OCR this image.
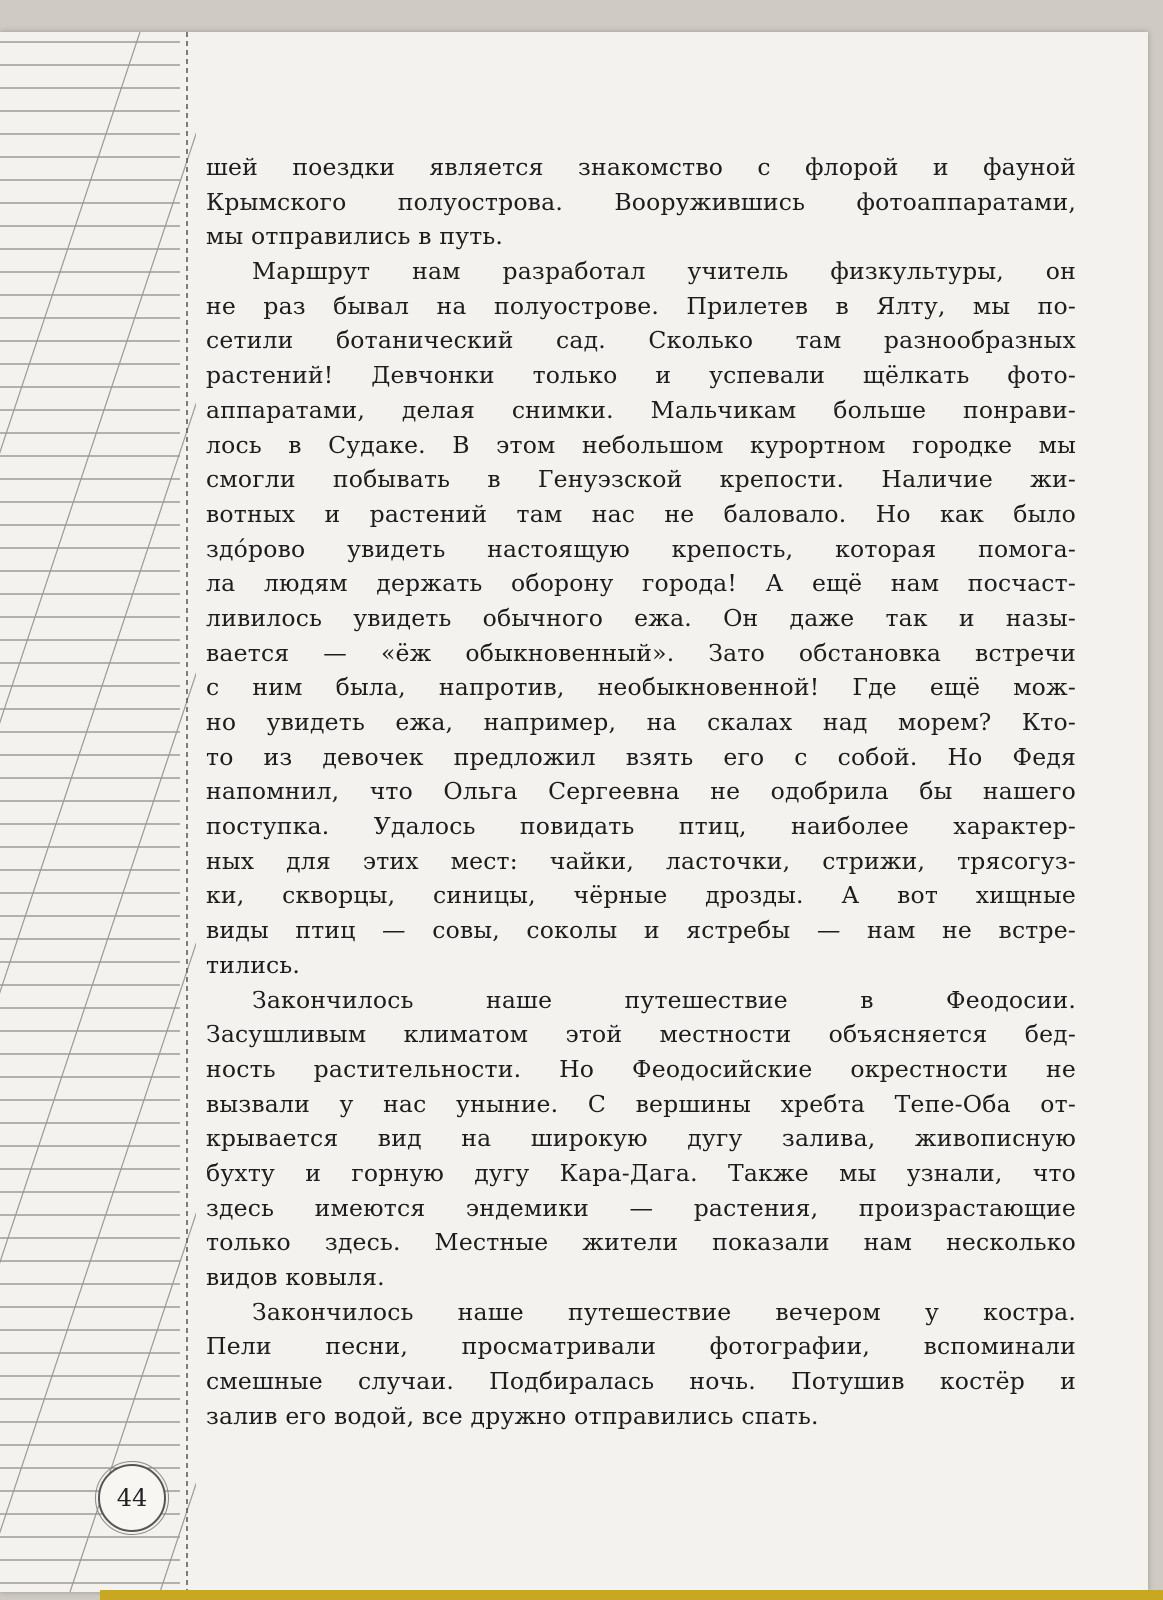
шей поездки является знакомство с флорой и фауной
Крымского полуострова. Вооружившись фотоаппаратами,
мы отправились в путь.
Маршрут нам разработал учитель физкультуры, он
не раз бывал на полуострове. Прилетев в Ялту, мы по-
сетили ботанический сад. Сколько там разнообразных
растений! Девчонки только и успевали щёлкать фото-
аппаратами, делая снимки. Мальчикам больше понрави-
лось в Судаке. В этом небольшом курортном городке мы
смогли побывать в Генуэзской крепости. Наличие жи-
вотных и растений там нас не баловало. Но как было
здóрово увидеть настоящую крепость, которая помога-
ла людям держать оборону города! А ещё нам посчаст-
ливилось увидеть обычного ежа. Он даже так и назы-
вается — «ёж обыкновенный». Зато обстановка встречи
с ним была, напротив, необыкновенной! Где ещё мож-
но увидеть ежа, например, на скалах над морем? Кто-
то из девочек предложил взять его с собой. Но Федя
напомнил, что Ольга Сергеевна не одобрила бы нашего
поступка. Удалось повидать птиц, наиболее характер-
ных для этих мест: чайки, ласточки, стрижи, трясогуз-
ки, скворцы, синицы, чёрные дрозды. А вот хищные
виды птиц — совы, соколы и ястребы — нам не встре-
тились.
Закончилось наше путешествие в Феодосии.
Засушливым климатом этой местности объясняется бед-
ность растительности. Но Феодосийские окрестности не
вызвали у нас уныние. С вершины хребта Тепе-Оба от-
крывается вид на широкую дугу залива, живописную
бухту и горную дугу Кара-Дага. Также мы узнали, что
здесь имеются эндемики — растения, произрастающие
только здесь. Местные жители показали нам несколько
видов ковыля.
Закончилось наше путешествие вечером у костра.
Пели песни, просматривали фотографии, вспоминали
смешные случаи. Подбиралась ночь. Потушив костёр и
залив его водой, все дружно отправились спать.
44
